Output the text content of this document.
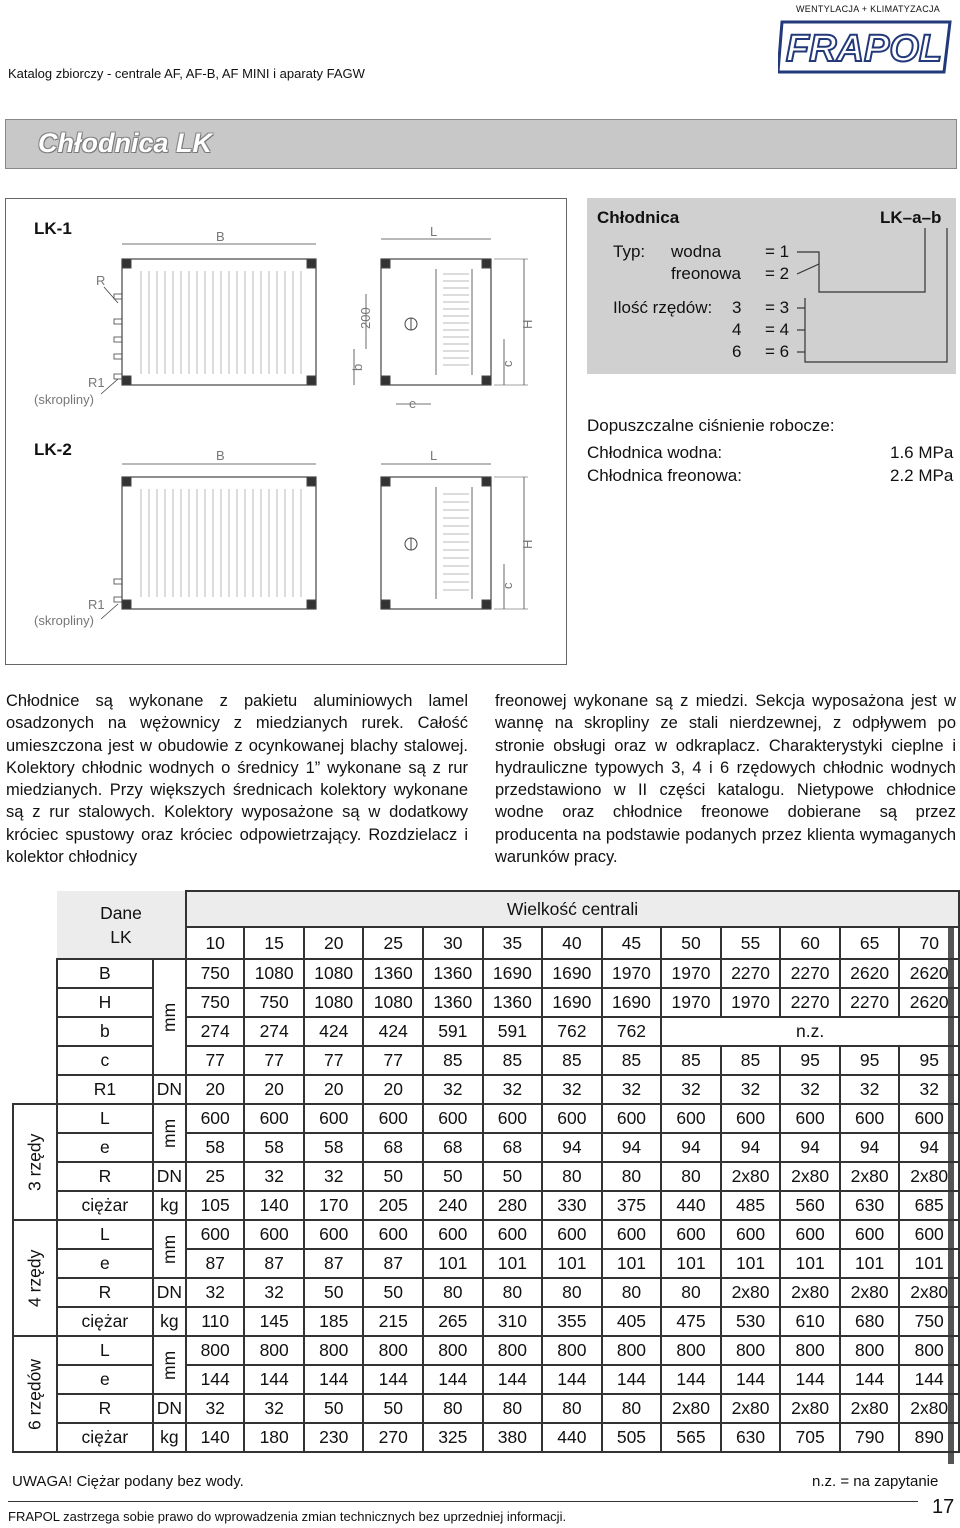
Katalog zbiorczy - centrale AF, AF-B, AF MINI i aparaty FAGW
WENTYLACJA + KLIMATYZACJA
FRAPOL
Chłodnica LK
LK-1
LK-2
B	L
R
200
b
H
c
e
R1
(skropliny)
B	L
H
c
R1
(skropliny)
Chłodnica	LK–a–b
Typ: wodna	= 1
freonowa = 2
Ilość rzędów: 3 = 3
4 = 4
6 = 6
Dopuszczalne ciśnienie robocze:
Chłodnica wodna:	1.6 MPa
Chłodnica freonowa:	2.2 MPa
Chłodnice są wykonane z pakietu aluminiowych lamel osadzonych na wężownicy z miedzianych rurek. Całość umieszczona jest w obudowie z ocynkowanej blachy stalowej. Kolektory chłodnic wodnych o średnicy 1” wykonane są z rur miedzianych. Przy większych średnicach kolektory wykonane są z rur stalowych. Kolektory wyposażone są w dodatkowy króciec spustowy oraz króciec odpowietrzający. Rozdzielacz i kolektor chłodnicy
freonowej wykonane są z miedzi. Sekcja wyposażona jest w wannę na skropliny ze stali nierdzewnej, z odpływem po stronie obsługi oraz w odkraplacz. Charakterystyki cieplne i hydrauliczne typowych 3, 4 i 6 rzędowych chłodnic wodnych przedstawiono w II części katalogu. Nietypowe chłodnice wodne oraz chłodnice freonowe dobierane są przez producenta na podstawie podanych przez klienta wymaganych warunków pracy.

	Dane
LK		Wielkość centrali												
			10	15	20	25	30	35	40	45	50	55	60	65	70
	B	mm	750	1080	1080	1360	1360	1690	1690	1970	1970	2270	2270	2620	2620
	H		750	750	1080	1080	1360	1360	1690	1690	1970	1970	2270	2270	2620
	b		274	274	424	424	591	591	762	762	n.z.				
	c		77	77	77	77	85	85	85	85	85	85	95	95	95
	R1	DN	20	20	20	20	32	32	32	32	32	32	32	32	32
3 rzędy	L	mm	600	600	600	600	600	600	600	600	600	600	600	600	600
	e		58	58	58	68	68	68	94	94	94	94	94	94	94
	R	DN	25	32	32	50	50	50	80	80	80	2x80	2x80	2x80	2x80
	ciężar	kg	105	140	170	205	240	280	330	375	440	485	560	630	685
4 rzędy	L	mm	600	600	600	600	600	600	600	600	600	600	600	600	600
	e		87	87	87	87	101	101	101	101	101	101	101	101	101
	R	DN	32	32	50	50	80	80	80	80	80	2x80	2x80	2x80	2x80
	ciężar	kg	110	145	185	215	265	310	355	405	475	530	610	680	750
6 rzędów	L	mm	800	800	800	800	800	800	800	800	800	800	800	800	800
	e		144	144	144	144	144	144	144	144	144	144	144	144	144
	R	DN	32	32	50	50	80	80	80	80	2x80	2x80	2x80	2x80	2x80
	ciężar	kg	140	180	230	270	325	380	440	505	565	630	705	790	890
UWAGA! Ciężar podany bez wody.	n.z. = na zapytanie
FRAPOL zastrzega sobie prawo do wprowadzenia zmian technicznych bez uprzedniej informacji.	17
